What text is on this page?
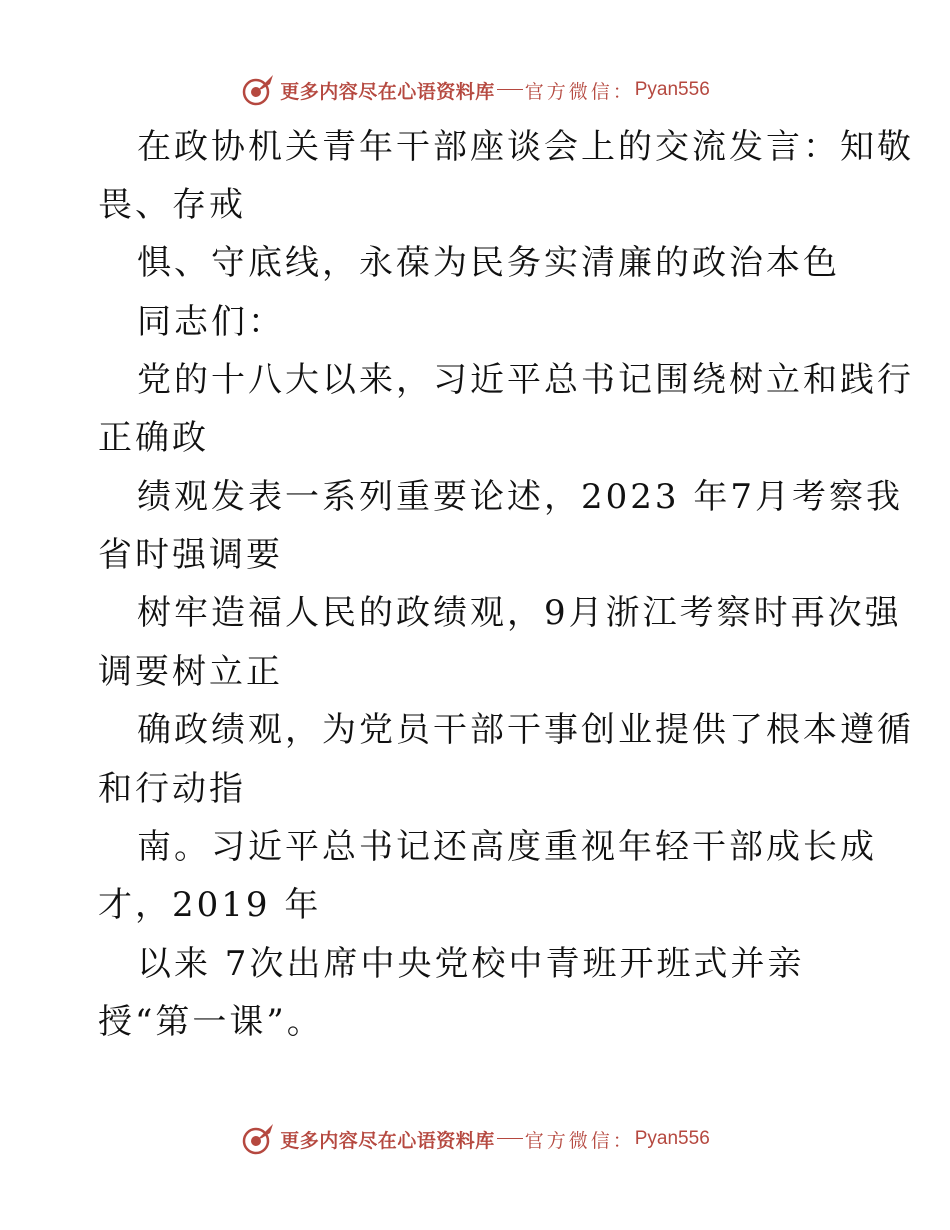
更多内容尽在心语资料库 官方微信： Pyan556
在政协机关青年干部座谈会上的交流发言：知敬
畏、存戒
惧、守底线，永葆为民务实清廉的政治本色
同志们：
党的十八大以来，习近平总书记围绕树立和践行
正确政
绩观发表一系列重要论述，2023 年7月考察我
省时强调要
树牢造福人民的政绩观，9月浙江考察时再次强
调要树立正
确政绩观，为党员干部干事创业提供了根本遵循
和行动指
南。习近平总书记还高度重视年轻干部成长成
才，2019 年
以来 7次出席中央党校中青班开班式并亲
授“第一课”。
更多内容尽在心语资料库 官方微信： Pyan556
